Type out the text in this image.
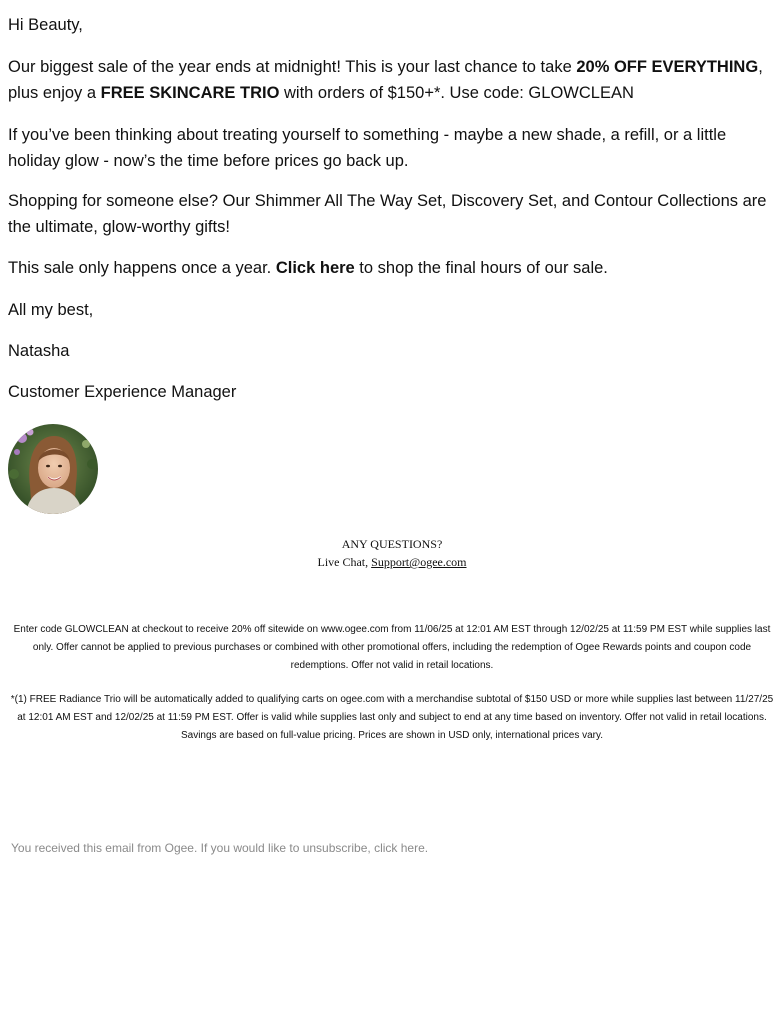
Hi Beauty,

Our biggest sale of the year ends at midnight! This is your last chance to take 20% OFF EVERYTHING, plus enjoy a FREE SKINCARE TRIO with orders of $150+*. Use code: GLOWCLEAN

If you’ve been thinking about treating yourself to something - maybe a new shade, a refill, or a little holiday glow - now’s the time before prices go back up.

Shopping for someone else? Our Shimmer All The Way Set, Discovery Set, and Contour Collections are the ultimate, glow-worthy gifts!

This sale only happens once a year. Click here to shop the final hours of our sale.

All my best,

Natasha

Customer Experience Manager

ANY QUESTIONS?
Live Chat, Support@ogee.com
Enter code GLOWCLEAN at checkout to receive 20% off sitewide on www.ogee.com from 11/06/25 at 12:01 AM EST through 12/02/25 at 11:59 PM EST while supplies last only. Offer cannot be applied to previous purchases or combined with other promotional offers, including the redemption of Ogee Rewards points and coupon code redemptions. Offer not valid in retail locations.
*(1) FREE Radiance Trio will be automatically added to qualifying carts on ogee.com with a merchandise subtotal of $150 USD or more while supplies last between 11/27/25 at 12:01 AM EST and 12/02/25 at 11:59 PM EST. Offer is valid while supplies last only and subject to end at any time based on inventory. Offer not valid in retail locations. Savings are based on full-value pricing. Prices are shown in USD only, international prices vary.
You received this email from Ogee. If you would like to unsubscribe, click here.
